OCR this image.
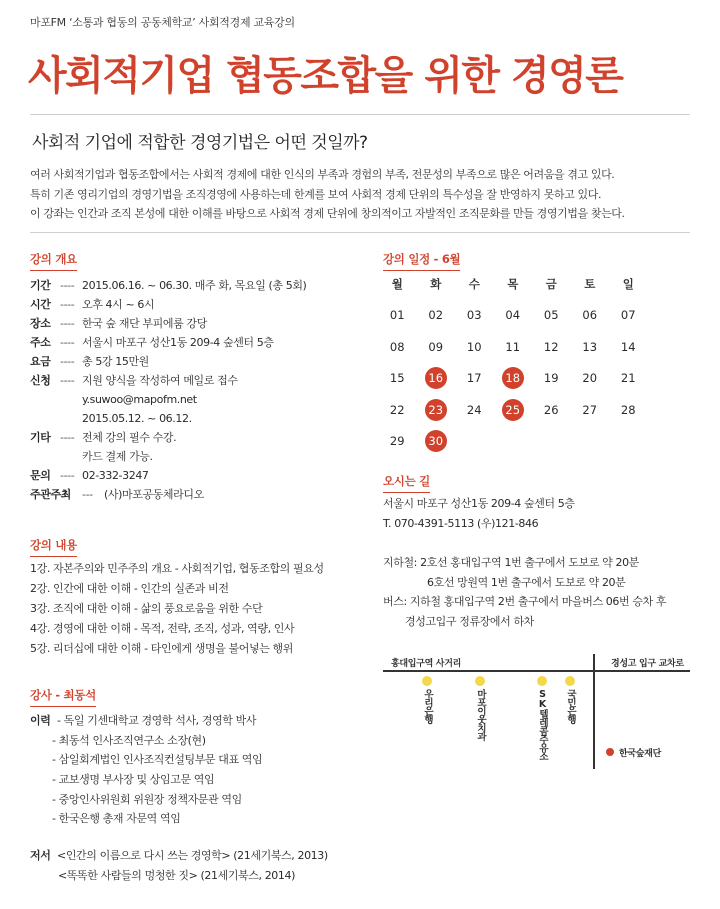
마포FM ‘소통과 협동의 공동체학교’ 사회적경제 교육강의
사회적기업 협동조합을 위한 경영론
사회적 기업에 적합한 경영기법은 어떤 것일까?

여러 사회적기업과 협동조합에서는 사회적 경제에 대한 인식의 부족과 경험의 부족, 전문성의 부족으로 많은 어려움을 겪고 있다.

특히 기존 영리기업의 경영기법을 조직경영에 사용하는데 한계를 보여 사회적 경제 단위의 특수성을 잘 반영하지 못하고 있다.

이 강좌는 인간과 조직 본성에 대한 이해를 바탕으로 사회적 경제 단위에 창의적이고 자발적인 조직문화를 만들 경영기법을 찾는다.

강의 개요
기간 ---- 2015.06.16. ~ 06.30. 매주 화, 목요일 (총 5회)
시간 ---- 오후 4시 ~ 6시
장소 ---- 한국 숲 재단 부피에룸 강당
주소 ---- 서울시 마포구 성산1동 209-4 숲센터 5층
요금 ---- 총 5강 15만원
신청 ---- 지원 양식을 작성하여 메일로 접수
y.suwoo@mapofm.net
2015.05.12. ~ 06.12.
기타 ---- 전체 강의 필수 수강.
카드 결제 가능.
문의 ---- 02-332-3247
주관주최	---	(사)마포공동체라디오
강의 내용
1강. 자본주의와 민주주의 개요 - 사회적기업, 협동조합의 필요성
2강. 인간에 대한 이해 - 인간의 실존과 비전
3강. 조직에 대한 이해 - 삶의 풍요로움을 위한 수단
4강. 경영에 대한 이해 - 목적, 전략, 조직, 성과, 역량, 인사
5강. 리더십에 대한 이해 - 타인에게 생명을 불어넣는 행위
강사 - 최동석
이력 - 독일 기센대학교 경영학 석사, 경영학 박사
- 최동석 인사조직연구소 소장(현)
- 삼일회계법인 인사조직컨설팅부문 대표 역임
- 교보생명 부사장 및 상임고문 역임
- 중앙인사위원회 위원장 정책자문관 역임
- 한국은행 총재 자문역 역임
저서 <인간의 이름으로 다시 쓰는 경영학> (21세기북스, 2013)
<똑똑한 사람들의 멍청한 짓> (21세기북스, 2014)
강의 일정 - 6월
월	화	수	목	금	토	일
01	02	03	04	05	06	07
08	09	10	11	12	13	14
15	16	17	18	19	20	21
22	23	24	25	26	27	28
29	30
오시는 길
서울시 마포구 성산1동 209-4 숲센터 5층
T. 070-4391-5113 (우)121-846
지하철: 2호선 홍대입구역 1번 출구에서 도보로 약 20분
6호선 망원역 1번 출구에서 도보로 약 20분
버스: 지하철 홍대입구역 2번 출구에서 마을버스 06번 승차 후
경성고입구 정류장에서 하차
홍대입구역 사거리	경성고 입구 교차로
우리은행	마포이웃치과	SK텔레콤주유소 국민은행
한국숲재단
